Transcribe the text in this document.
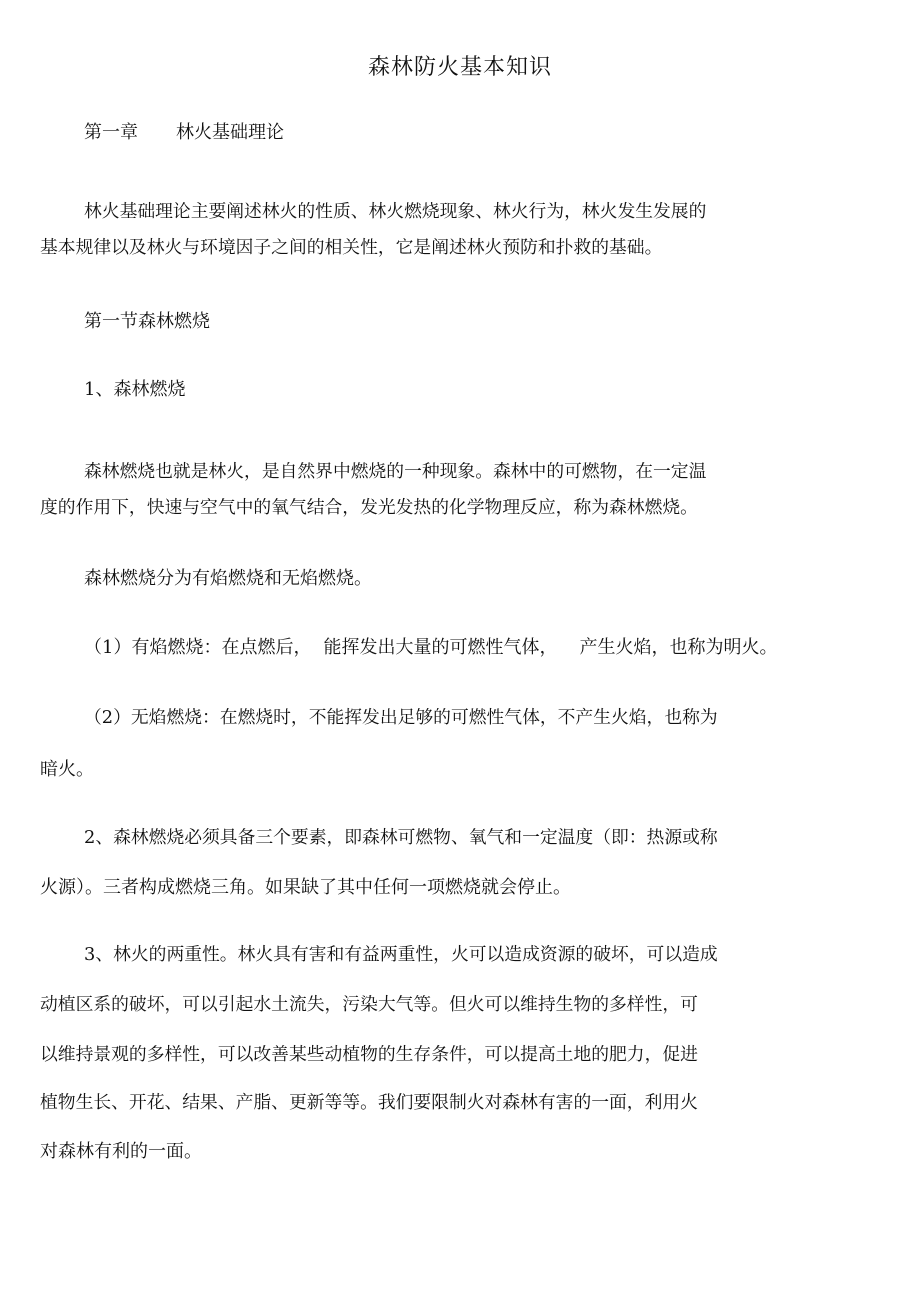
森林防火基本知识

第一章 林火基础理论

林火基础理论主要阐述林火的性质、林火燃烧现象、林火行为，林火发生发展的

基本规律以及林火与环境因子之间的相关性，它是阐述林火预防和扑救的基础。

第一节森林燃烧

1、森林燃烧

森林燃烧也就是林火，是自然界中燃烧的一种现象。森林中的可燃物，在一定温

度的作用下，快速与空气中的氧气结合，发光发热的化学物理反应，称为森林燃烧。

森林燃烧分为有焰燃烧和无焰燃烧。

（1）有焰燃烧：在点燃后， 能挥发出大量的可燃性气体， 产生火焰，也称为明火。

（2）无焰燃烧：在燃烧时，不能挥发出足够的可燃性气体，不产生火焰，也称为

暗火。

2、森林燃烧必须具备三个要素，即森林可燃物、氧气和一定温度（即：热源或称

火源）。三者构成燃烧三角。如果缺了其中任何一项燃烧就会停止。

3、林火的两重性。林火具有害和有益两重性，火可以造成资源的破坏，可以造成

动植区系的破坏，可以引起水土流失，污染大气等。但火可以维持生物的多样性，可

以维持景观的多样性，可以改善某些动植物的生存条件，可以提高土地的肥力，促进

植物生长、开花、结果、产脂、更新等等。我们要限制火对森林有害的一面，利用火

对森林有利的一面。
